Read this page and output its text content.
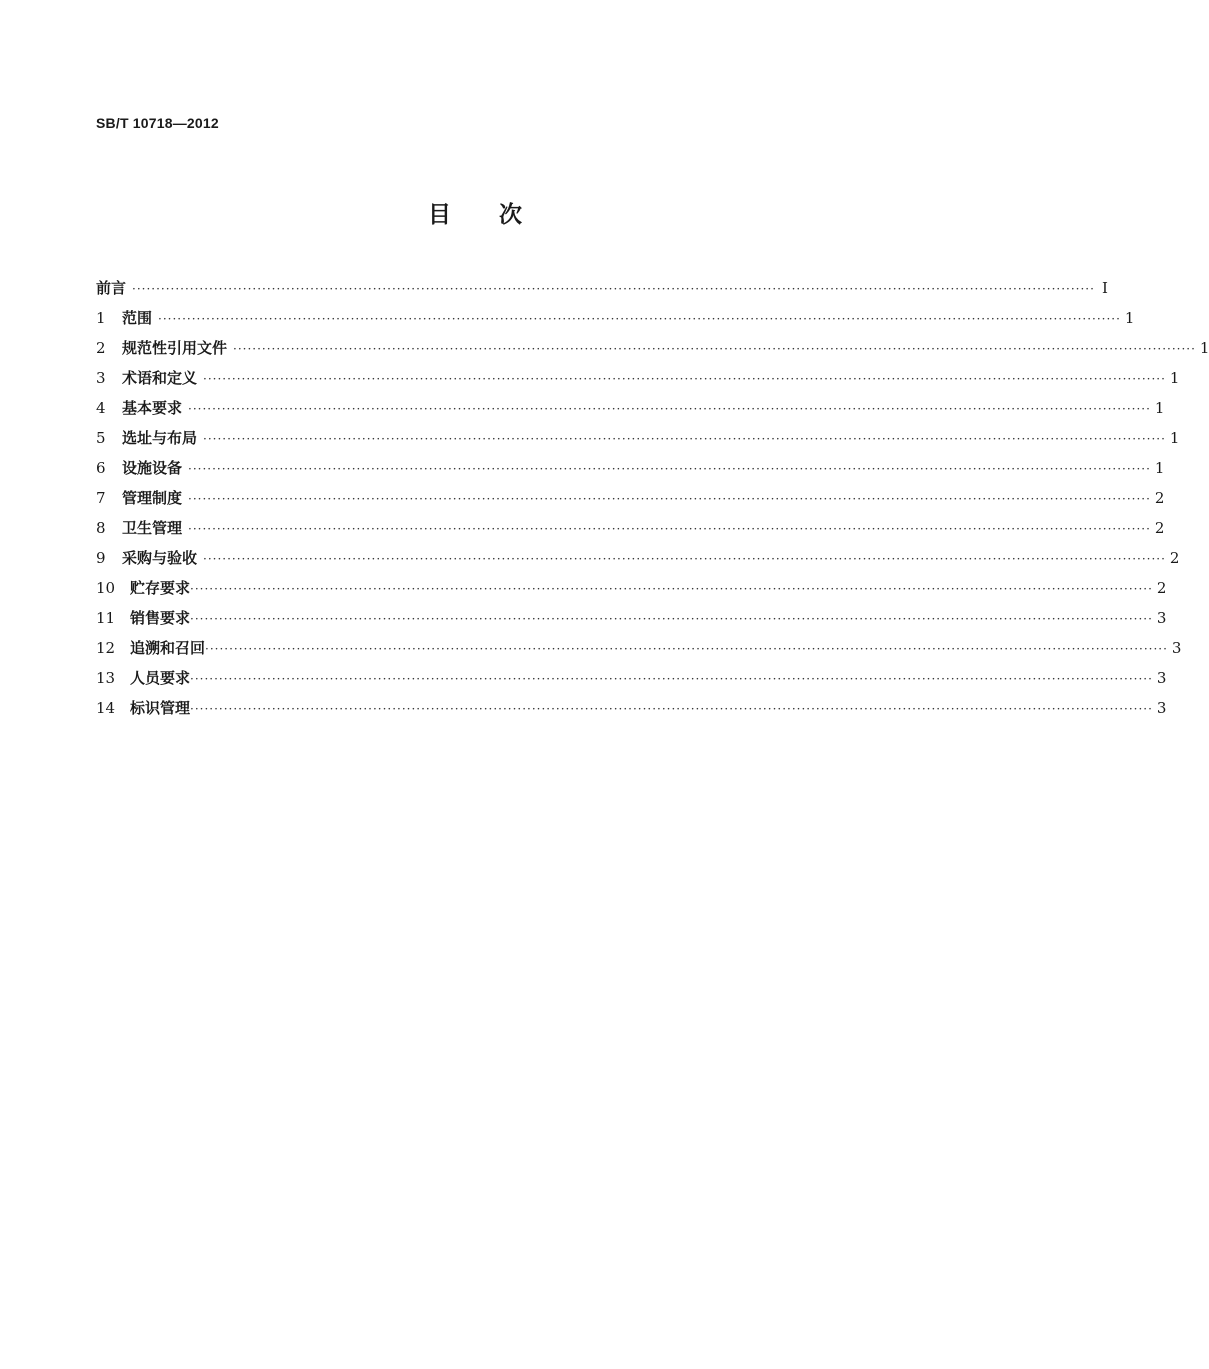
SB/T 10718—2012
目次
前言 ········································································································································································································ I
1	范围 ········································································································································································································ 1
2	规范性引用文件 ········································································································································································································ 1
3	术语和定义 ········································································································································································································ 1
4	基本要求 ········································································································································································································ 1
5	选址与布局 ········································································································································································································ 1
6	设施设备 ········································································································································································································ 1
7	管理制度 ········································································································································································································ 2
8	卫生管理 ········································································································································································································ 2
9	采购与验收 ········································································································································································································ 2
10 贮存要求 ········································································································································································································ 2
11 销售要求 ········································································································································································································ 3
12 追溯和召回 ········································································································································································································ 3
13 人员要求 ········································································································································································································ 3
14 标识管理 ········································································································································································································ 3
